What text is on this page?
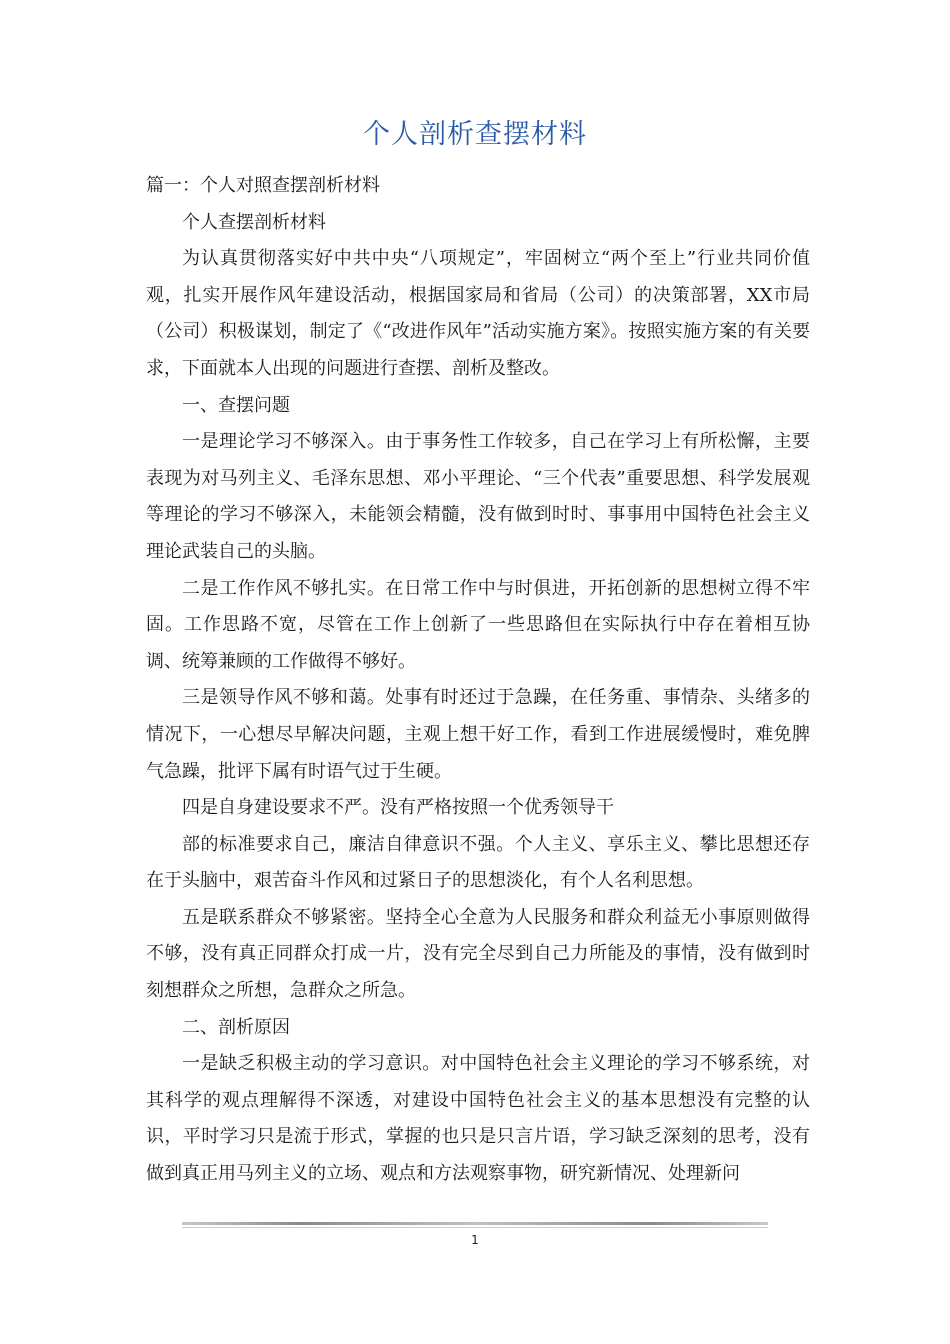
个人剖析查摆材料

篇一：个人对照查摆剖析材料

个人查摆剖析材料

为认真贯彻落实好中共中央“八项规定”，牢固树立“两个至上”行业共同价值观，扎实开展作风年建设活动，根据国家局和省局（公司）的决策部署，XX市局（公司）积极谋划，制定了《“改进作风年”活动实施方案》。按照实施方案的有关要求，下面就本人出现的问题进行查摆、剖析及整改。

一、查摆问题

一是理论学习不够深入。由于事务性工作较多，自己在学习上有所松懈，主要表现为对马列主义、毛泽东思想、邓小平理论、“三个代表”重要思想、科学发展观等理论的学习不够深入，未能领会精髓，没有做到时时、事事用中国特色社会主义理论武装自己的头脑。

二是工作作风不够扎实。在日常工作中与时俱进，开拓创新的思想树立得不牢固。工作思路不宽，尽管在工作上创新了一些思路但在实际执行中存在着相互协调、统筹兼顾的工作做得不够好。

三是领导作风不够和蔼。处事有时还过于急躁，在任务重、事情杂、头绪多的情况下，一心想尽早解决问题，主观上想干好工作，看到工作进展缓慢时，难免脾气急躁，批评下属有时语气过于生硬。

四是自身建设要求不严。没有严格按照一个优秀领导干

部的标准要求自己，廉洁自律意识不强。个人主义、享乐主义、攀比思想还存在于头脑中，艰苦奋斗作风和过紧日子的思想淡化，有个人名利思想。

五是联系群众不够紧密。坚持全心全意为人民服务和群众利益无小事原则做得不够，没有真正同群众打成一片，没有完全尽到自己力所能及的事情，没有做到时刻想群众之所想，急群众之所急。

二、剖析原因

一是缺乏积极主动的学习意识。对中国特色社会主义理论的学习不够系统，对其科学的观点理解得不深透，对建设中国特色社会主义的基本思想没有完整的认识，平时学习只是流于形式，掌握的也只是只言片语，学习缺乏深刻的思考，没有做到真正用马列主义的立场、观点和方法观察事物，研究新情况、处理新问

1
